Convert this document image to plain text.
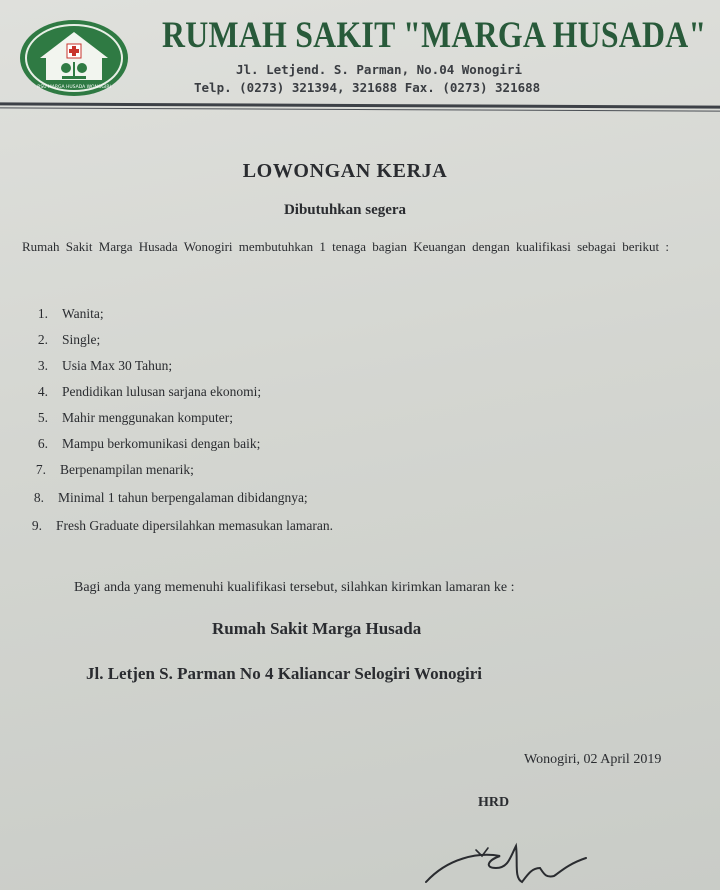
RSU MARGA HUSADA WONOGIRI
RUMAH SAKIT "MARGA HUSADA"
Jl. Letjend. S. Parman, No.04 Wonogiri
Telp. (0273) 321394, 321688 Fax. (0273) 321688
LOWONGAN KERJA
Dibutuhkan segera
Rumah Sakit Marga Husada Wonogiri membutuhkan 1 tenaga bagian Keuangan dengan kualifikasi sebagai berikut :
1. Wanita;
2. Single;
3. Usia Max 30 Tahun;
4. Pendidikan lulusan sarjana ekonomi;
5. Mahir menggunakan komputer;
6. Mampu berkomunikasi dengan baik;
7. Berpenampilan menarik;
8. Minimal 1 tahun berpengalaman dibidangnya;
9. Fresh Graduate dipersilahkan memasukan lamaran.
Bagi anda yang memenuhi kualifikasi tersebut, silahkan kirimkan lamaran ke :
Rumah Sakit Marga Husada
Jl. Letjen S. Parman No 4 Kaliancar Selogiri Wonogiri
Wonogiri, 02 April 2019
HRD
